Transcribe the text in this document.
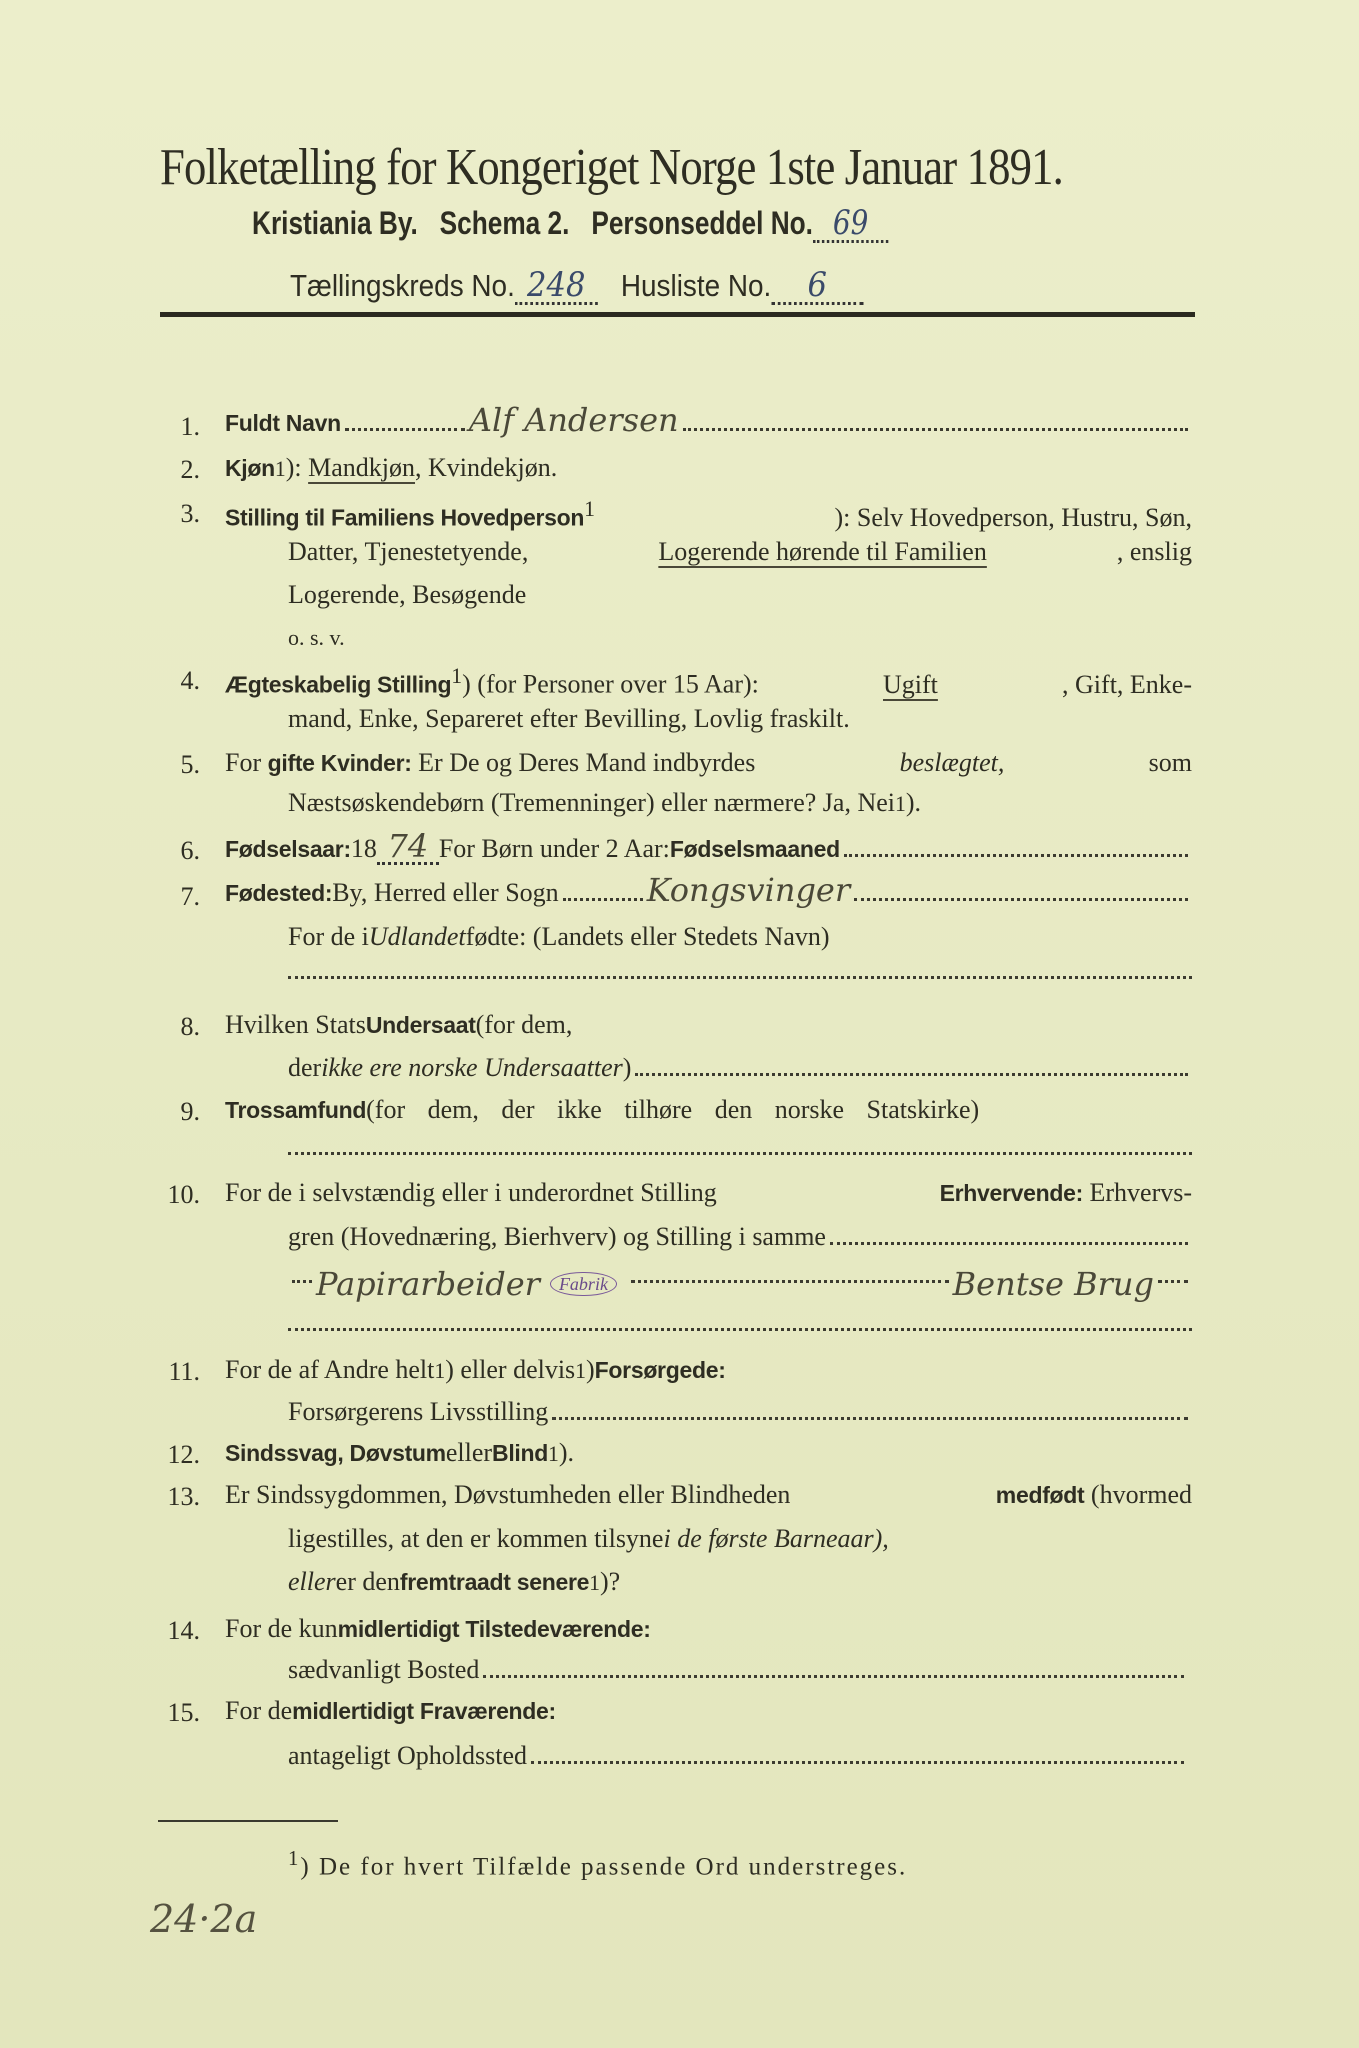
Folketælling for Kongeriget Norge 1ste Januar 1891.
Kristiania By. Schema 2. Personseddel No. 69
Tællingskreds No. 248 Husliste No. 6
1. Fuldt Navn	Alf Andersen
2. Kjøn 1 ):
Mandkjøn , Kvindekjøn.
3. Stilling til Familiens Hovedperson$^1$	): Selv Hovedperson, Hustru, Søn,
Datter, Tjenestetyende,	Logerende hørende til Familien	, enslig
Logerende, Besøgende
o. s. v.
4. Ægteskabelig Stilling$^1$) (for Personer over 15 Aar):	Ugift	, Gift, Enke-
mand, Enke, Separeret efter Bevilling, Lovlig fraskilt.
5. For gifte Kvinder: Er De og Deres Mand indbyrdes	beslægtet,	som
Næstsøskendebørn (Tremenninger) eller nærmere? Ja, Nei 1 ).
6. Fødselsaar: 18 74 For Børn under 2 Aar: Fødselsmaaned
7. Fødested: By, Herred eller Sogn	Kongsvinger
For de i Udlandet fødte: (Landets eller Stedets Navn)
8. Hvilken Stats Undersaat (for dem,
der ikke ere norske Undersaatter )
9. Trossamfund (for dem, der ikke tilhøre den norske Statskirke)
10. For de i selvstændig eller i underordnet Stilling	Erhvervende: Erhvervs-
gren (Hovednæring, Bierhverv) og Stilling i samme
Papirarbeider	Fabrik	Bentse Brug
11. For de af Andre helt 1 ) eller delvis 1 ) Forsørgede:
Forsørgerens Livsstilling
12. Sindssvag, Døvstum eller Blind 1 ).
13. Er Sindssygdommen, Døvstumheden eller Blindheden	medfødt (hvormed
ligestilles, at den er kommen tilsyne i de første Barneaar),
eller er den fremtraadt senere 1 )?
14. For de kun midlertidigt Tilstedeværende:
sædvanligt Bosted
15. For de midlertidigt Fraværende:
antageligt Opholdssted
$^1$) De for hvert Tilfælde passende Ord understreges.
24·2a
